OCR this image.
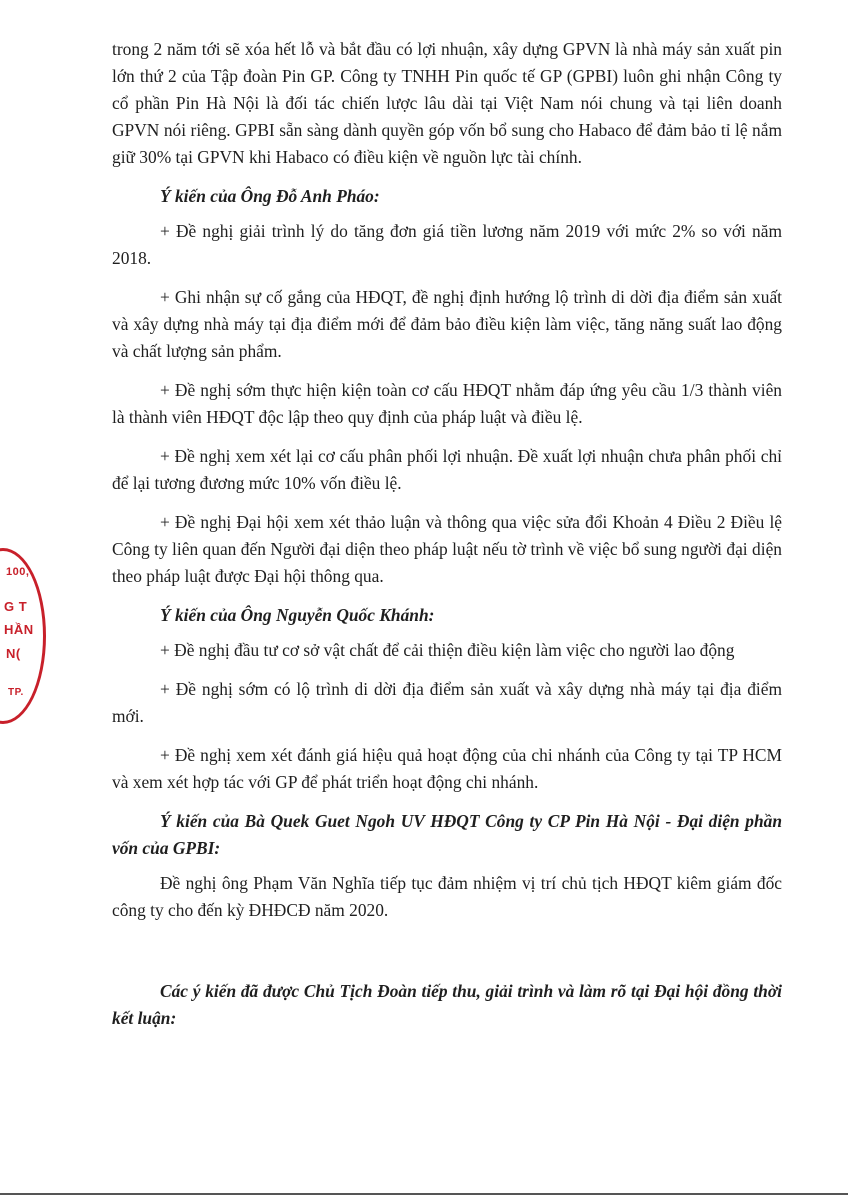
100,
G T
HẦN
N(
TP.

trong 2 năm tới sẽ xóa hết lỗ và bắt đầu có lợi nhuận, xây dựng GPVN là nhà máy sản xuất pin lớn thứ 2 của Tập đoàn Pin GP. Công ty TNHH Pin quốc tế GP (GPBI) luôn ghi nhận Công ty cổ phần Pin Hà Nội là đối tác chiến lược lâu dài tại Việt Nam nói chung và tại liên doanh GPVN nói riêng. GPBI sẵn sàng dành quyền góp vốn bổ sung cho Habaco để đảm bảo tỉ lệ nắm giữ 30% tại GPVN khi Habaco có điều kiện về nguồn lực tài chính.

Ý kiến của Ông Đỗ Anh Pháo:

+ Đề nghị giải trình lý do tăng đơn giá tiền lương năm 2019 với mức 2% so với năm 2018.

+ Ghi nhận sự cố gắng của HĐQT, đề nghị định hướng lộ trình di dời địa điểm sản xuất và xây dựng nhà máy tại địa điểm mới để đảm bảo điều kiện làm việc, tăng năng suất lao động và chất lượng sản phẩm.

+ Đề nghị sớm thực hiện kiện toàn cơ cấu HĐQT nhằm đáp ứng yêu cầu 1/3 thành viên là thành viên HĐQT độc lập theo quy định của pháp luật và điều lệ.

+ Đề nghị xem xét lại cơ cấu phân phối lợi nhuận. Đề xuất lợi nhuận chưa phân phối chỉ để lại tương đương mức 10% vốn điều lệ.

+ Đề nghị Đại hội xem xét thảo luận và thông qua việc sửa đổi Khoản 4 Điều 2 Điều lệ Công ty liên quan đến Người đại diện theo pháp luật nếu tờ trình về việc bổ sung người đại diện theo pháp luật được Đại hội thông qua.

Ý kiến của Ông Nguyễn Quốc Khánh:

+ Đề nghị đầu tư cơ sở vật chất để cải thiện điều kiện làm việc cho người lao động

+ Đề nghị sớm có lộ trình di dời địa điểm sản xuất và xây dựng nhà máy tại địa điểm mới.

+ Đề nghị xem xét đánh giá hiệu quả hoạt động của chi nhánh của Công ty tại TP HCM và xem xét hợp tác với GP để phát triển hoạt động chi nhánh.

Ý kiến của Bà Quek Guet Ngoh UV HĐQT Công ty CP Pin Hà Nội - Đại diện phần vốn của GPBI:

Đề nghị ông Phạm Văn Nghĩa tiếp tục đảm nhiệm vị trí chủ tịch HĐQT kiêm giám đốc công ty cho đến kỳ ĐHĐCĐ năm 2020.

Các ý kiến đã được Chủ Tịch Đoàn tiếp thu, giải trình và làm rõ tại Đại hội đồng thời kết luận:
